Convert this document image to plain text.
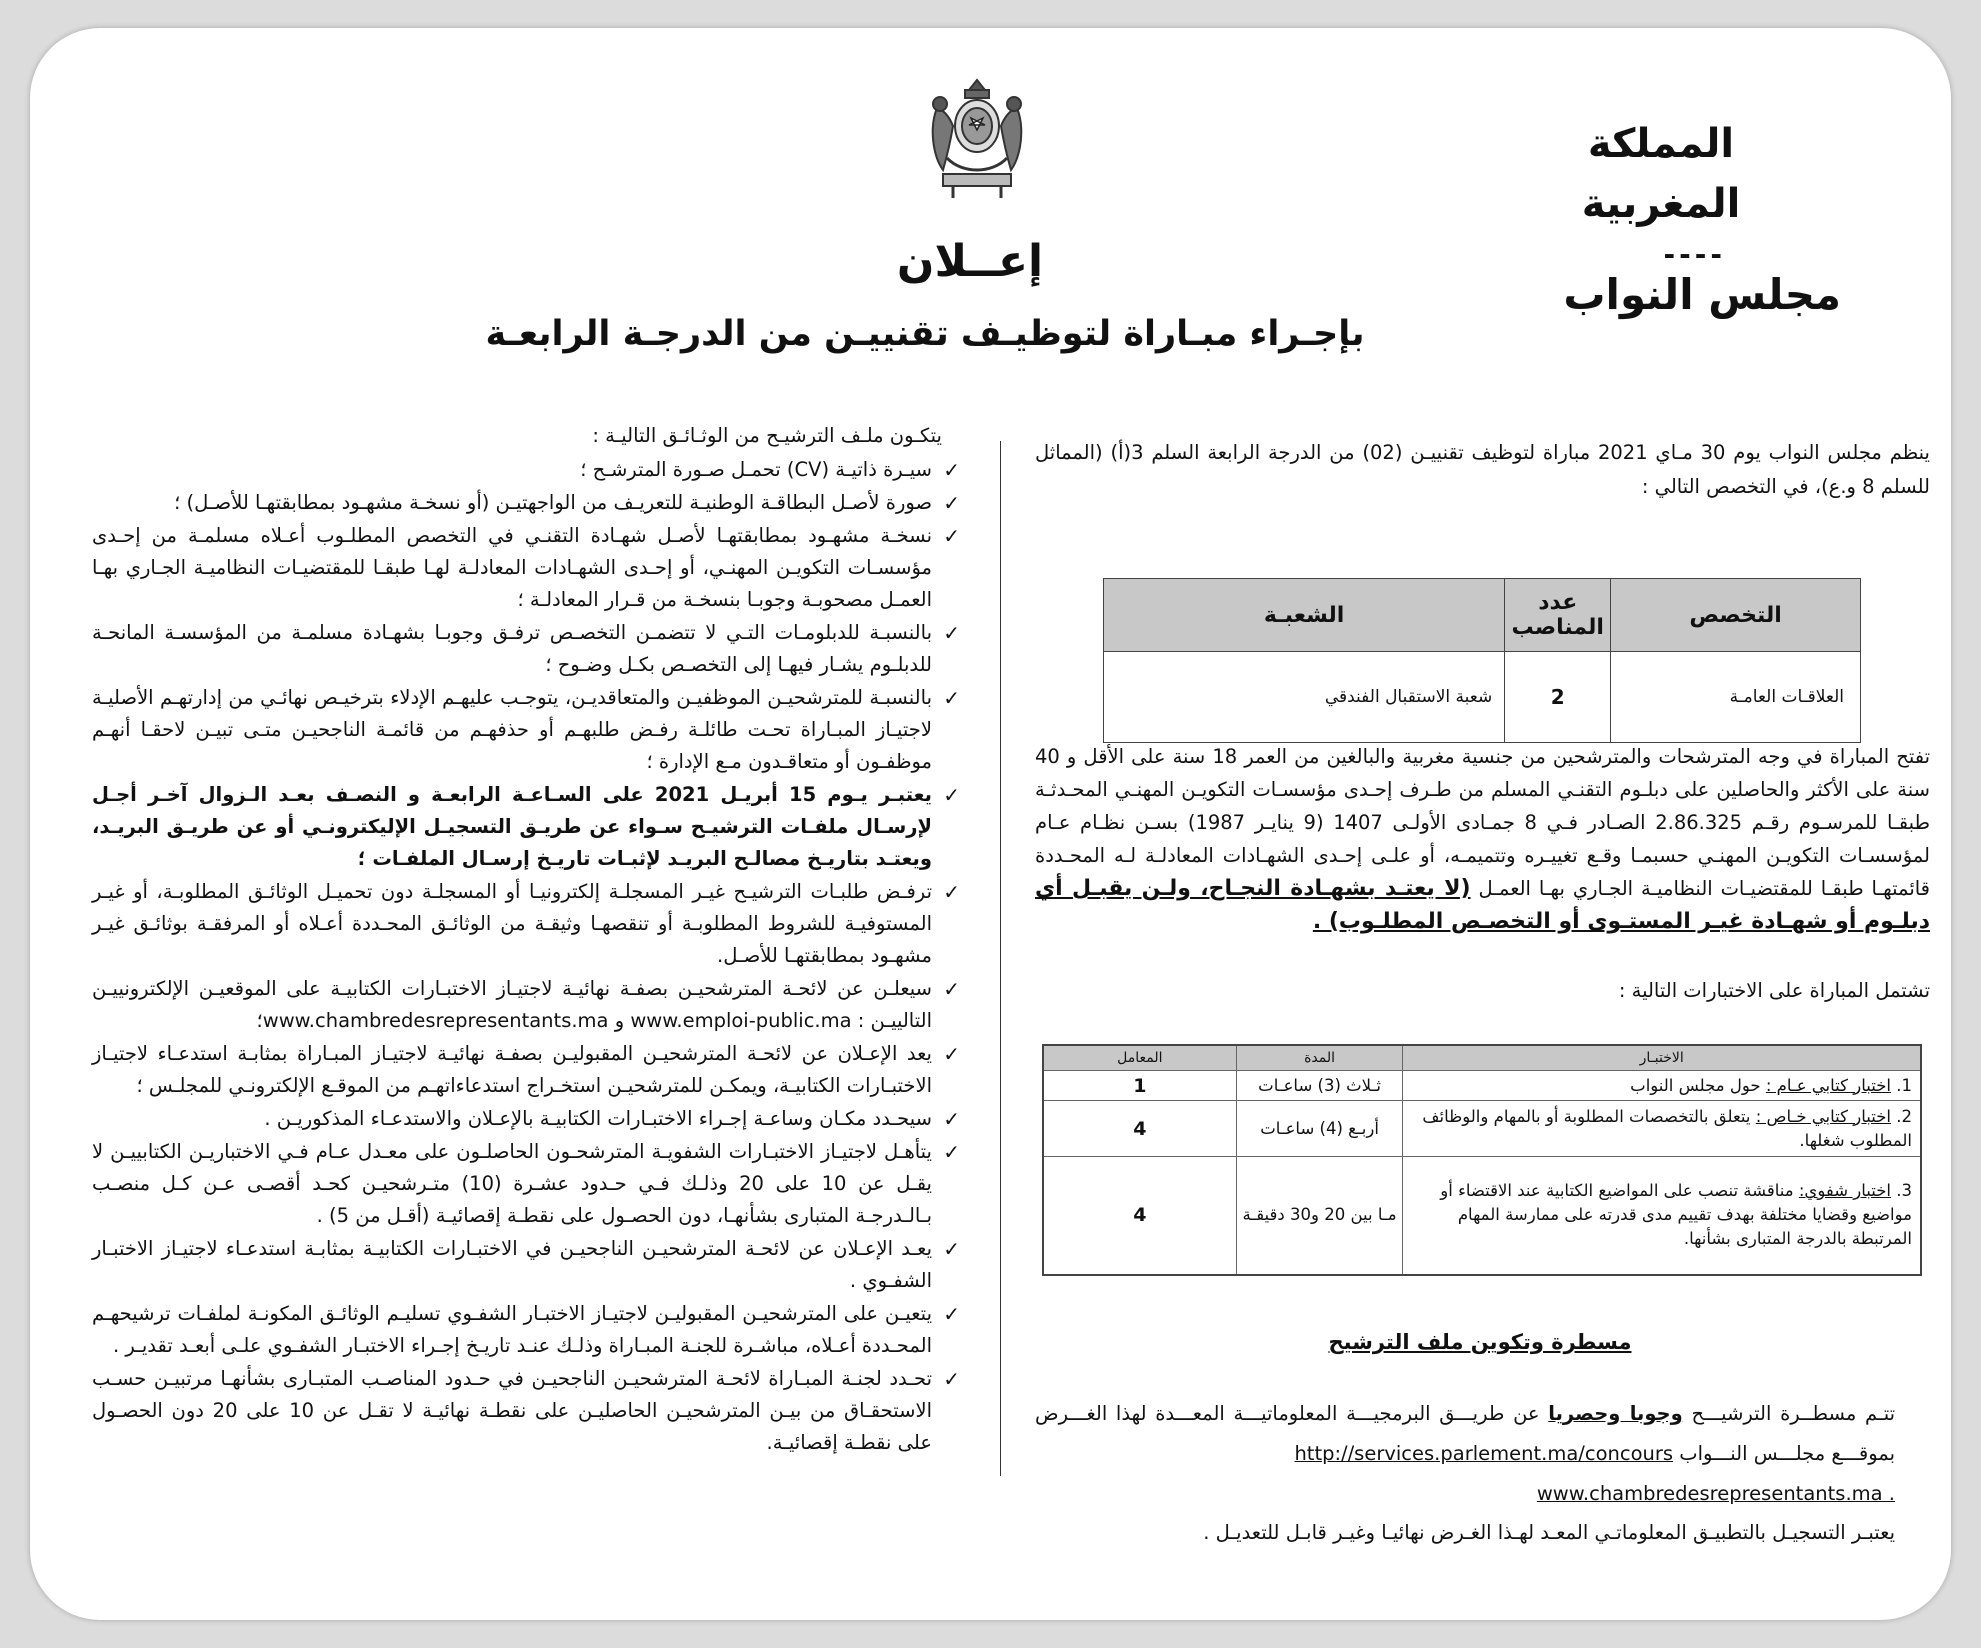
المملكة
المغربية
----
مجلس النواب
إعــلان
بإجـراء مبـاراة لتوظيـف تقنييـن من الدرجـة الرابعـة
يتكـون ملـف الترشيـح من الوثـائـق التاليـة :
✓
سيـرة ذاتيـة (CV) تحمـل صـورة المترشـح ؛
✓
صورة لأصـل البطاقـة الوطنيـة للتعريـف من الواجهتيـن (أو نسخـة مشهـود بمطابقتهـا للأصـل) ؛
✓
نسخـة مشهـود بمطابقتهـا لأصـل شهـادة التقنـي في التخصص المطلـوب أعـلاه مسلمـة من إحـدى مؤسسـات التكويـن المهنـي، أو إحـدى الشهـادات المعادلـة لهـا طبقـا للمقتضيـات النظاميـة الجـاري بهـا العمـل مصحوبـة وجوبـا بنسخـة من قـرار المعادلـة ؛
✓
بالنسبـة للدبلومـات التـي لا تتضمـن التخصـص ترفـق وجوبـا بشهـادة مسلمـة من المؤسسـة المانحـة للدبلـوم يشـار فيهـا إلى التخصـص بكـل وضـوح ؛
✓
بالنسبـة للمترشحيـن الموظفيـن والمتعاقديـن، يتوجـب عليهـم الإدلاء بترخيـص نهائـي من إدارتهـم الأصليـة لاجتيـاز المبـاراة تحـت طائلـة رفـض طلبهـم أو حذفهـم من قائمـة الناجحيـن متـى تبيـن لاحقـا أنهـم موظفـون أو متعاقـدون مـع الإدارة ؛
✓
يعتبـر يـوم 15 أبريـل 2021 على السـاعـة الرابعـة و النصـف بعـد الـزوال آخـر أجـل لإرسـال ملفـات الترشيـح سـواء عن طريـق التسجيـل الإليكترونـي أو عن طريـق البريـد، ويعتـد بتاريـخ مصالـح البريـد لإثبـات تاريـخ إرسـال الملفـات ؛
✓
ترفـض طلبـات الترشيـح غيـر المسجلـة إلكترونيـا أو المسجلـة دون تحميـل الوثائـق المطلوبـة، أو غيـر المستوفيـة للشروط المطلوبـة أو تنقصهـا وثيقـة من الوثائـق المحـددة أعـلاه أو المرفقـة بوثائـق غيـر مشهـود بمطابقتهـا للأصـل.
✓
سيعلـن عن لائحـة المترشحيـن بصفـة نهائيـة لاجتيـاز الاختبـارات الكتابيـة على الموقعيـن الإلكترونييـن التالييـن : www.emploi-public.ma و www.chambredesrepresentants.ma؛
✓
يعد الإعـلان عن لائحـة المترشحيـن المقبوليـن بصفـة نهائيـة لاجتيـاز المبـاراة بمثابـة استدعـاء لاجتيـاز الاختبـارات الكتابيـة، ويمكـن للمترشحيـن استخـراج استدعاءاتهـم من الموقـع الإلكترونـي للمجلـس ؛
✓
سيحـدد مكـان وساعـة إجـراء الاختبـارات الكتابيـة بالإعـلان والاستدعـاء المذكوريـن .
✓
يتأهـل لاجتيـاز الاختبـارات الشفويـة المترشحـون الحاصلـون على معـدل عـام فـي الاختباريـن الكتابييـن لا يقـل عن 10 على 20 وذلـك فـي حـدود عشـرة (10) متـرشحيـن كحـد أقصـى عـن كـل منصـب بـالـدرجـة المتبارى بشأنهـا، دون الحصـول على نقطـة إقصائيـة (أقـل من 5) .
✓
يعـد الإعـلان عن لائحـة المترشحيـن الناجحيـن في الاختبـارات الكتابيـة بمثابـة استدعـاء لاجتيـاز الاختبـار الشفـوي .
✓
يتعيـن على المترشحيـن المقبوليـن لاجتيـاز الاختبـار الشفـوي تسليـم الوثائـق المكونـة لملفـات ترشيحهـم المحـددة أعـلاه، مباشـرة للجنـة المبـاراة وذلـك عنـد تاريـخ إجـراء الاختبـار الشفـوي علـى أبعـد تقديـر .
✓
تحـدد لجنـة المبـاراة لائحـة المترشحيـن الناجحيـن في حـدود المناصـب المتبـارى بشأنهـا مرتبيـن حسـب الاستحقـاق من بيـن المترشحيـن الحاصليـن على نقطـة نهائيـة لا تقـل عن 10 على 20 دون الحصـول على نقطـة إقصائيـة.
ينظم مجلس النواب يوم 30 مـاي 2021 مباراة لتوظيف تقنييـن (02) من الدرجة الرابعة السلم 3(أ) (المماثل للسلم 8 و.ع)، في التخصص التالي :
التخصص	عدد المناصب	الشعبـة
العلاقـات العامـة	2	شعبة الاستقبال الفندقي
تفتح المباراة في وجه المترشحات والمترشحين من جنسية مغربية والبالغين من العمر 18 سنة على الأقل و 40 سنة على الأكثر والحاصلين على دبلـوم التقنـي المسلم من طـرف إحـدى مؤسسـات التكويـن المهنـي المحـدثـة طبقـا للمرسـوم رقـم 2.86.325 الصـادر فـي 8 جمـادى الأولـى 1407 (9 ينايـر 1987) بسـن نظـام عـام لمؤسسـات التكويـن المهنـي حسبمـا وقـع تغييـره وتتميمـه، أو علـى إحـدى الشهـادات المعادلـة لـه المحـددة قائمتهـا طبقـا للمقتضيـات النظاميـة الجـاري بهـا العمـل (لا يعتـد بشهـادة النجـاح، ولـن يقبـل أي دبلـوم أو شهـادة غيـر المستـوى أو التخصـص المطلـوب) .
تشتمل المباراة على الاختبارات التالية :
الاختبـار	المدة	المعامل
1. اختبار كتابي عـام : حول مجلس النواب	ثـلاث (3) ساعـات	1
2. اختبار كتابي خـاص : يتعلق بالتخصصات المطلوبة أو بالمهام والوظائف المطلوب شغلها.	أربـع (4) ساعـات	4
3. اختبار شفوي: مناقشة تنصب على المواضيع الكتابية عند الاقتضاء أو مواضيع وقضايا مختلفة بهدف تقييم مدى قدرته على ممارسة المهام المرتبطة بالدرجة المتبارى بشأنها.	مـا بين 20 و30 دقيقـة	4
مسطرة وتكوين ملف الترشيح
تتـم مسطــرة الترشيـــح وجوبا وحصريا عن طريـــق البرمجيـــة المعلوماتيـــة المعـــدة لهذا الغـــرض بموقـــع مجلـــس النـــواب http://services.parlement.ma/concours
www.chambredesrepresentants.ma .
يعتبـر التسجيـل بالتطبيـق المعلوماتـي المعـد لهـذا الغـرض نهائيـا وغيـر قابـل للتعديـل .
